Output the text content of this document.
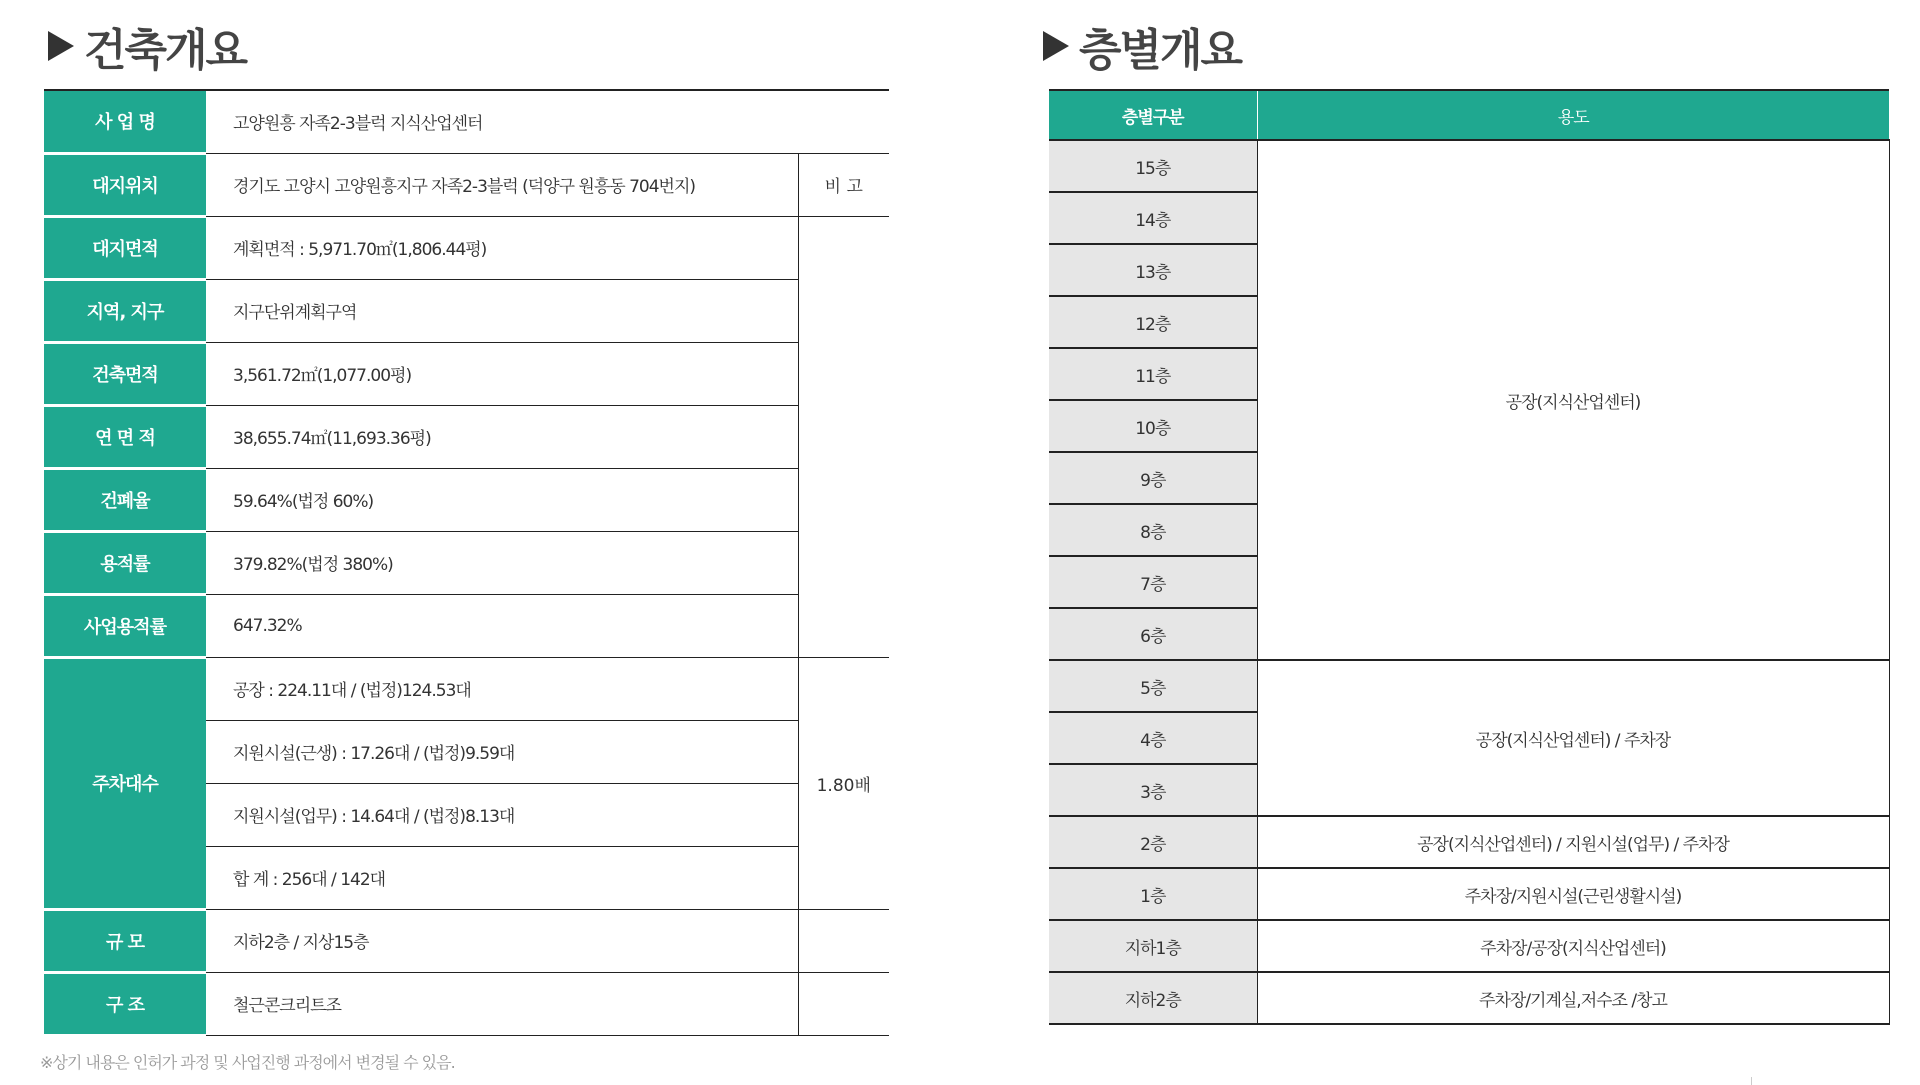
건축개요	층별개요
사 업 명	고양원흥 자족2-3블럭 지식산업센터	
대지위치	경기도 고양시 고양원흥지구 자족2-3블럭 (덕양구 원흥동 704번지)	비 고
대지면적	계획면적 : 5,971.70㎡(1,806.44평)	
지역, 지구	지구단위계획구역	
건축면적	3,561.72㎡(1,077.00평)	
연 면 적	38,655.74㎡(11,693.36평)	
건폐율	59.64%(법정 60%)	
용적률	379.82%(법정 380%)	
사업용적률	647.32%	
주차대수	공장 : 224.11대 / (법정)124.53대	1.80배
	지원시설(근생) : 17.26대 / (법정)9.59대	
	지원시설(업무) : 14.64대 / (법정)8.13대	
	합 계 : 256대 / 142대	
규 모	지하2층 / 지상15층	
구 조	철근콘크리트조	
층별구분	용도
15층	공장(지식산업센터)
14층	
13층	
12층	
11층	
10층	
9층	
8층	
7층	
6층	
5층	공장(지식산업센터) / 주차장
4층	
3층	
2층	공장(지식산업센터) / 지원시설(업무) / 주차장
1층	주차장/지원시설(근린생활시설)
지하1층	주차장/공장(지식산업센터)
지하2층	주차장/기계실,저수조 /창고
※상기 내용은 인허가 과정 및 사업진행 과정에서 변경될 수 있음.
